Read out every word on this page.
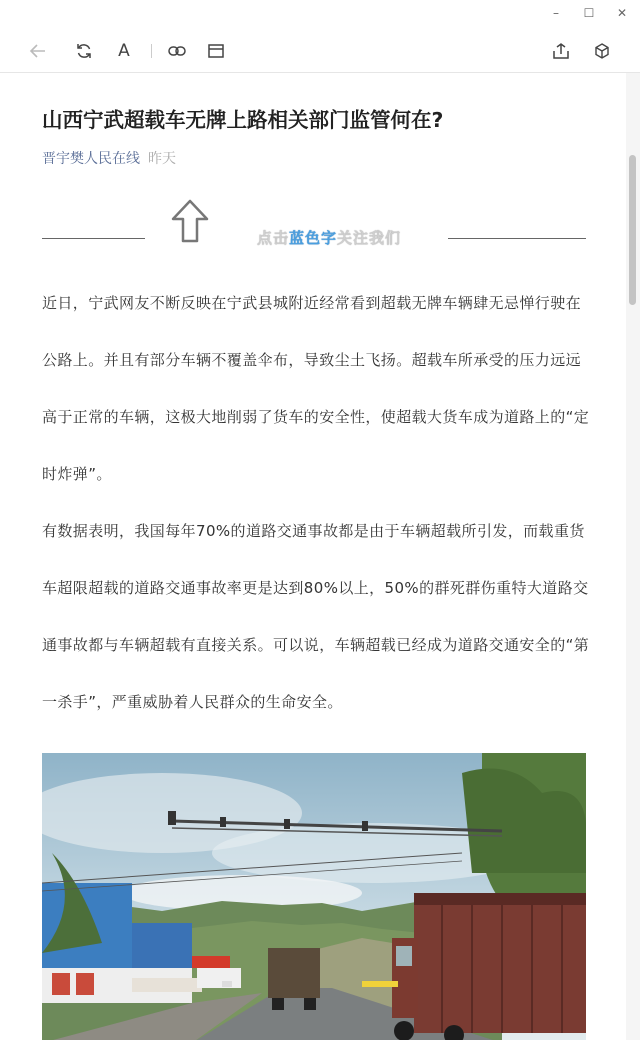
–	☐	✕
A
山西宁武超载车无牌上路相关部门监管何在?
晋宇樊人民在线 昨天
点击蓝色字关注我们

近日，宁武网友不断反映在宁武县城附近经常看到超载无牌车辆肆无忌惮行驶在公路上。并且有部分车辆不覆盖伞布，导致尘土飞扬。超载车所承受的压力远远高于正常的车辆，这极大地削弱了货车的安全性，使超载大货车成为道路上的“定时炸弹”。

有数据表明，我国每年70%的道路交通事故都是由于车辆超载所引发，而载重货车超限超载的道路交通事故率更是达到80%以上，50%的群死群伤重特大道路交通事故都与车辆超载有直接关系。可以说，车辆超载已经成为道路交通安全的“第一杀手”，严重威胁着人民群众的生命安全。
